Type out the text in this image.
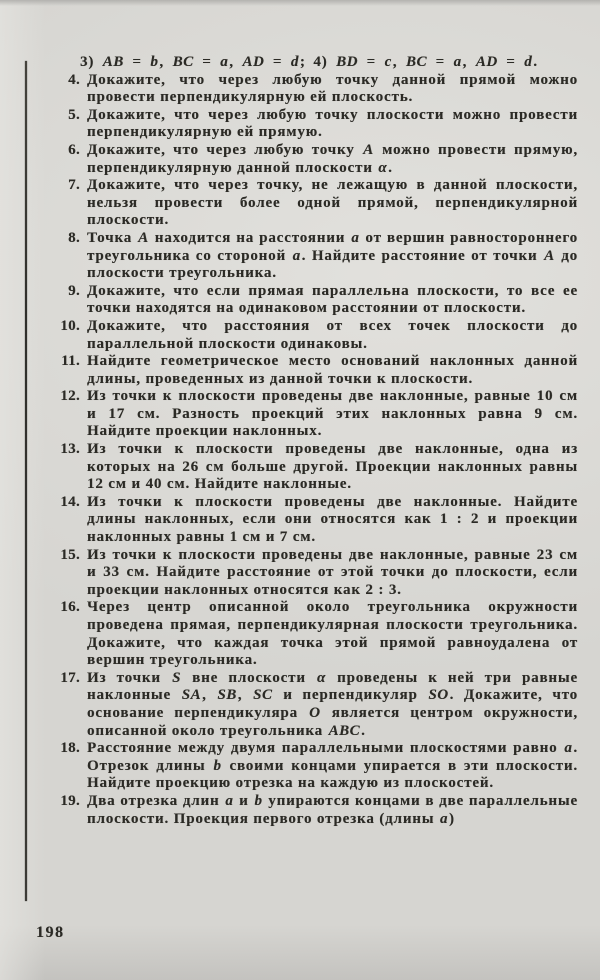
3) AB = b, BC = a, AD = d; 4) BD = c, BC = a, AD = d.
4. Докажите, что через любую точку данной прямой можно провести перпендикулярную ей плоскость.
5. Докажите, что через любую точку плоскости можно провести перпендикулярную ей прямую.
6. Докажите, что через любую точку A можно провести прямую, перпендикулярную данной плоскости α.
7. Докажите, что через точку, не лежащую в данной плоскости, нельзя провести более одной прямой, перпендикулярной плоскости.
8. Точка A находится на расстоянии a от вершин равностороннего треугольника со стороной a. Найдите расстояние от точки A до плоскости треугольника.
9. Докажите, что если прямая параллельна плоскости, то все ее точки находятся на одинаковом расстоянии от плоскости.
10. Докажите, что расстояния от всех точек плоскости до параллельной плоскости одинаковы.
11. Найдите геометрическое место оснований наклонных данной длины, проведенных из данной точки к плоскости.
12. Из точки к плоскости проведены две наклонные, равные 10 см и 17 см. Разность проекций этих наклонных равна 9 см. Найдите проекции наклонных.
13. Из точки к плоскости проведены две наклонные, одна из которых на 26 см больше другой. Проекции наклонных равны 12 см и 40 см. Найдите наклонные.
14. Из точки к плоскости проведены две наклонные. Найдите длины наклонных, если они относятся как 1 : 2 и проекции наклонных равны 1 см и 7 см.
15. Из точки к плоскости проведены две наклонные, равные 23 см и 33 см. Найдите расстояние от этой точки до плоскости, если проекции наклонных относятся как 2 : 3.
16. Через центр описанной около треугольника окружности проведена прямая, перпендикулярная плоскости треугольника. Докажите, что каждая точка этой прямой равноудалена от вершин треугольника.
17. Из точки S вне плоскости α проведены к ней три равные наклонные SA, SB, SC и перпендикуляр SO. Докажите, что основание перпендикуляра O является центром окружности, описанной около треугольника ABC.
18. Расстояние между двумя параллельными плоскостями равно a. Отрезок длины b своими концами упирается в эти плоскости. Найдите проекцию отрезка на каждую из плоскостей.
19. Два отрезка длин a и b упираются концами в две параллельные плоскости. Проекция первого отрезка (длины a)
198
